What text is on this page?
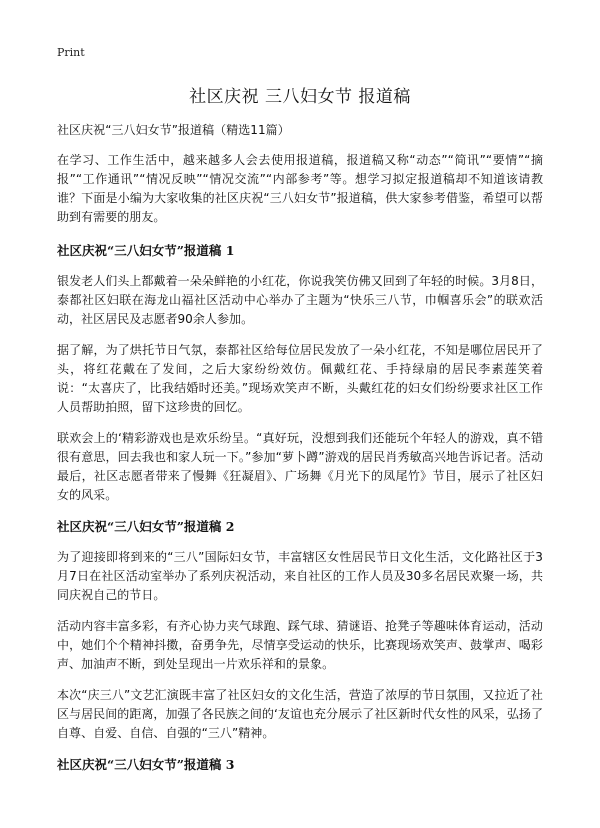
Print
社区庆祝 三八妇女节 报道稿

社区庆祝“三八妇女节”报道稿（精选11篇）

在学习、工作生活中，越来越多人会去使用报道稿，报道稿又称“动态”“简讯”“要情”“摘报”“工作通讯”“情况反映”“情况交流”“内部参考”等。想学习拟定报道稿却不知道该请教谁？下面是小编为大家收集的社区庆祝“三八妇女节”报道稿，供大家参考借鉴，希望可以帮助到有需要的朋友。

社区庆祝“三八妇女节”报道稿 1

银发老人们头上都戴着一朵朵鲜艳的小红花，你说我笑仿佛又回到了年轻的时候。3月8日，泰都社区妇联在海龙山福社区活动中心举办了主题为“快乐三八节，巾帼喜乐会”的联欢活动，社区居民及志愿者90余人参加。

据了解，为了烘托节日气氛，泰都社区给每位居民发放了一朵小红花，不知是哪位居民开了头，将红花戴在了发间，之后大家纷纷效仿。佩戴红花、手持绿扇的居民李素莲笑着说：“太喜庆了，比我结婚时还美。”现场欢笑声不断，头戴红花的妇女们纷纷要求社区工作人员帮助拍照，留下这珍贵的回忆。

联欢会上的‘精彩游戏也是欢乐纷呈。“真好玩，没想到我们还能玩个年轻人的游戏，真不错很有意思，回去我也和家人玩一下。”参加“萝卜蹲”游戏的居民肖秀敏高兴地告诉记者。活动最后，社区志愿者带来了慢舞《狂凝眉》、广场舞《月光下的凤尾竹》节目，展示了社区妇女的风采。

社区庆祝“三八妇女节”报道稿 2

为了迎接即将到来的“三八”国际妇女节，丰富辖区女性居民节日文化生活，文化路社区于3月7日在社区活动室举办了系列庆祝活动，来自社区的工作人员及30多名居民欢聚一场，共同庆祝自己的节日。

活动内容丰富多彩，有齐心协力夹气球跑、踩气球、猜谜语、抢凳子等趣味体育运动，活动中，她们个个精神抖擞，奋勇争先，尽情享受运动的快乐，比赛现场欢笑声、鼓掌声、喝彩声、加油声不断，到处呈现出一片欢乐祥和的景象。

本次“庆三八”文艺汇演既丰富了社区妇女的文化生活，营造了浓厚的节日氛围，又拉近了社区与居民间的距离，加强了各民族之间的‘友谊也充分展示了社区新时代女性的风采，弘扬了自尊、自爱、自信、自强的“三八”精神。

社区庆祝“三八妇女节”报道稿 3
